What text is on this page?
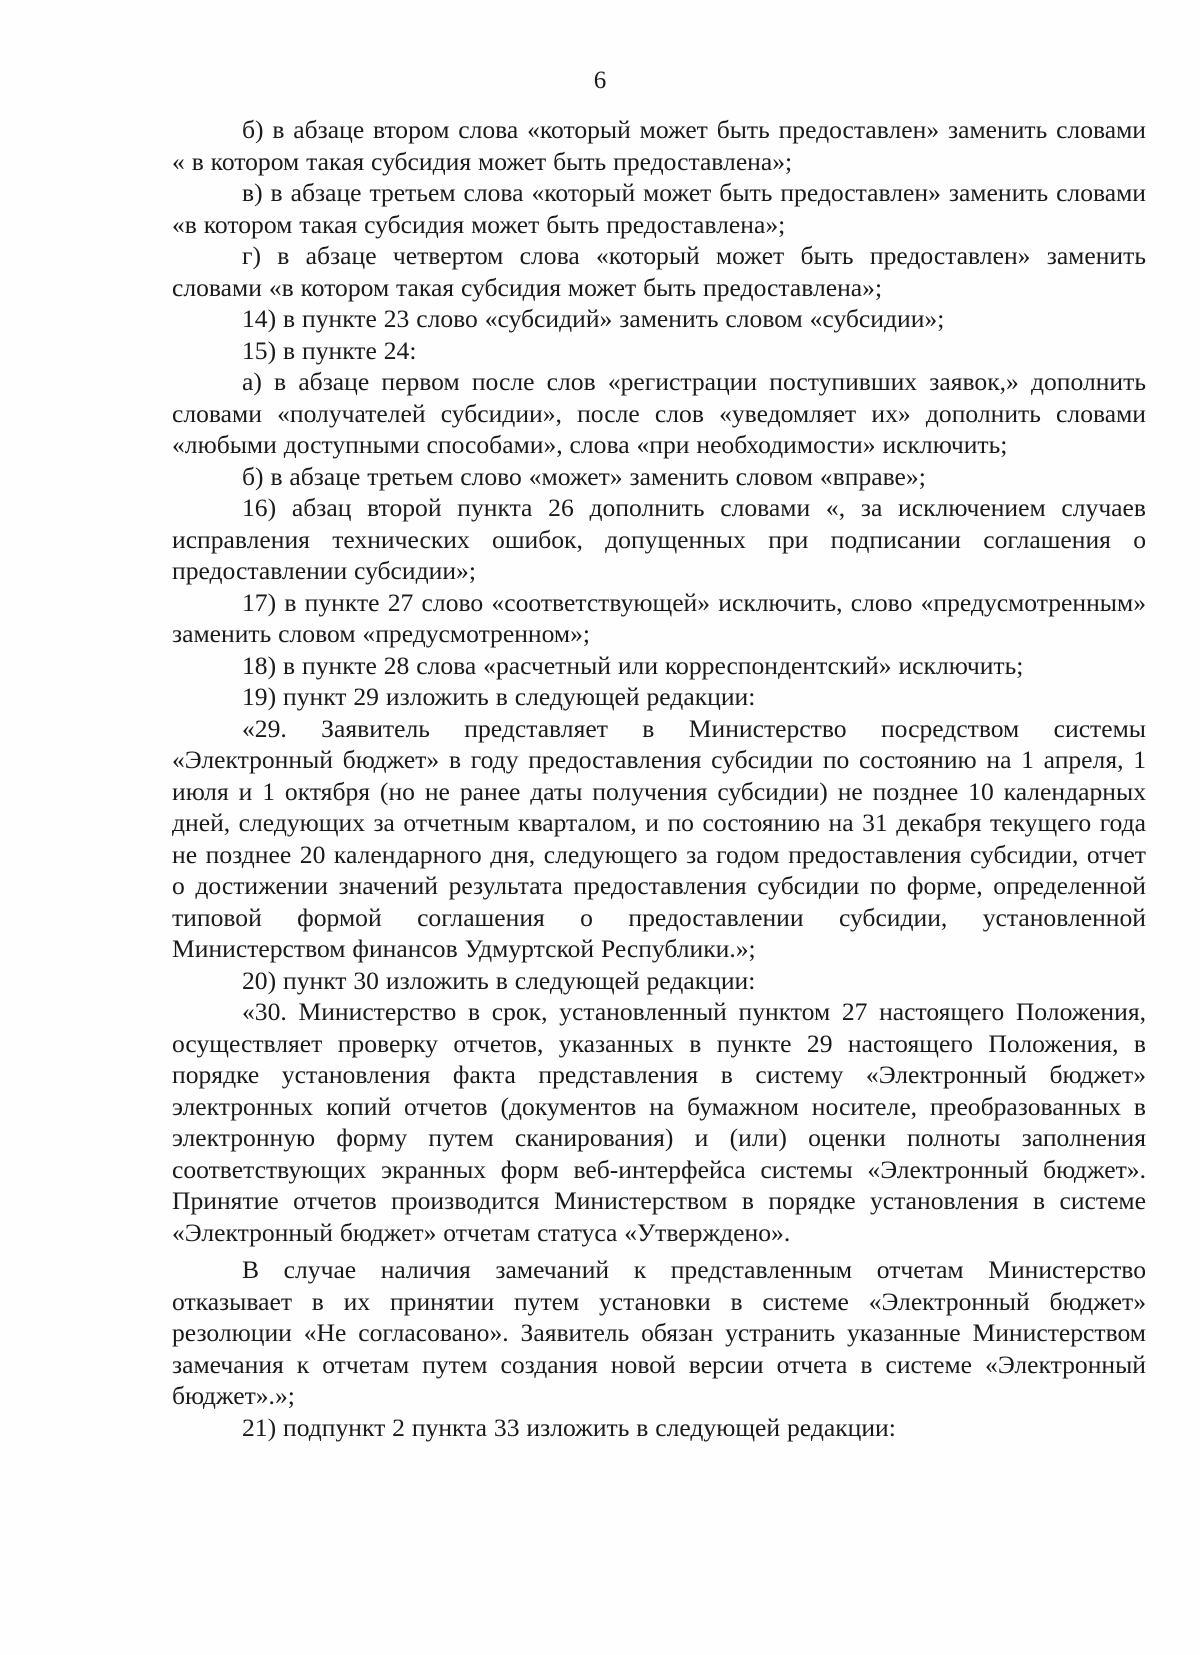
6

б) в абзаце втором слова «который может быть предоставлен» заменить словами « в котором такая субсидия может быть предоставлена»;

в) в абзаце третьем слова «который может быть предоставлен» заменить словами «в котором такая субсидия может быть предоставлена»;

г) в абзаце четвертом слова «который может быть предоставлен» заменить словами «в котором такая субсидия может быть предоставлена»;

14) в пункте 23 слово «субсидий» заменить словом «субсидии»;

15) в пункте 24:

а) в абзаце первом после слов «регистрации поступивших заявок,» дополнить словами «получателей субсидии», после слов «уведомляет их» дополнить словами «любыми доступными способами», слова «при необходимости» исключить;

б) в абзаце третьем слово «может» заменить словом «вправе»;

16) абзац второй пункта 26 дополнить словами «, за исключением случаев исправления технических ошибок, допущенных при подписании соглашения о предоставлении субсидии»;

17) в пункте 27 слово «соответствующей» исключить, слово «предусмотренным» заменить словом «предусмотренном»;

18) в пункте 28 слова «расчетный или корреспондентский» исключить;

19) пункт 29 изложить в следующей редакции:

«29. Заявитель представляет в Министерство посредством системы «Электронный бюджет» в году предоставления субсидии по состоянию на 1 апреля, 1 июля и 1 октября (но не ранее даты получения субсидии) не позднее 10 календарных дней, следующих за отчетным кварталом, и по состоянию на 31 декабря текущего года не позднее 20 календарного дня, следующего за годом предоставления субсидии, отчет о достижении значений результата предоставления субсидии по форме, определенной типовой формой соглашения о предоставлении субсидии, установленной Министерством финансов Удмуртской Республики.»;

20) пункт 30 изложить в следующей редакции:

«30. Министерство в срок, установленный пунктом 27 настоящего Положения, осуществляет проверку отчетов, указанных в пункте 29 настоящего Положения, в порядке установления факта представления в систему «Электронный бюджет» электронных копий отчетов (документов на бумажном носителе, преобразованных в электронную форму путем сканирования) и (или) оценки полноты заполнения соответствующих экранных форм веб-интерфейса системы «Электронный бюджет». Принятие отчетов производится Министерством в порядке установления в системе «Электронный бюджет» отчетам статуса «Утверждено».

В случае наличия замечаний к представленным отчетам Министерство отказывает в их принятии путем установки в системе «Электронный бюджет» резолюции «Не согласовано». Заявитель обязан устранить указанные Министерством замечания к отчетам путем создания новой версии отчета в системе «Электронный бюджет».»;

21) подпункт 2 пункта 33 изложить в следующей редакции:
